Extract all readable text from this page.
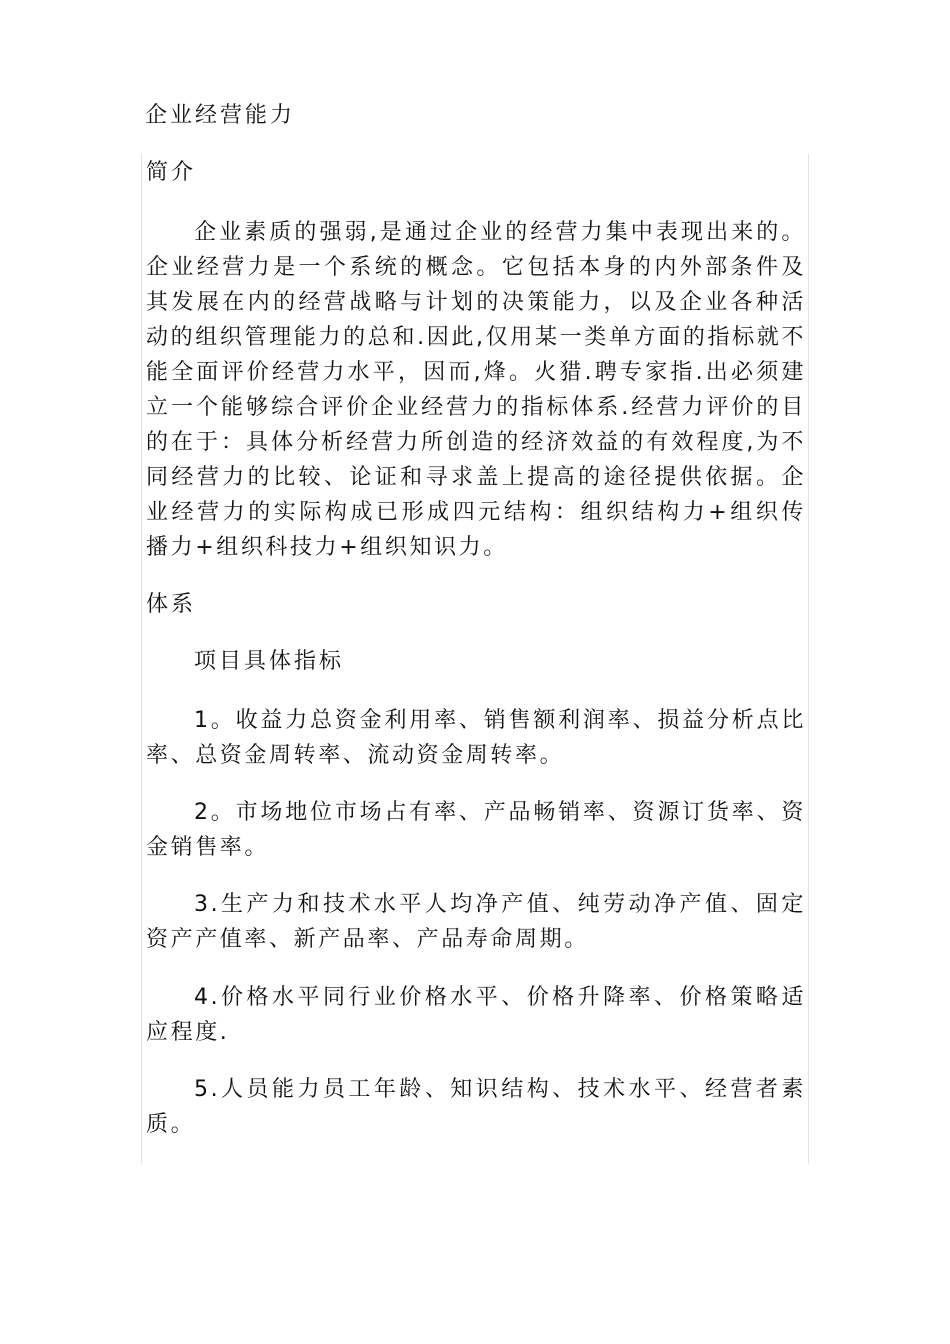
企业经营能力
简介

企业素质的强弱,是通过企业的经营力集中表现出来的。企业经营力是一个系统的概念。它包括本身的内外部条件及其发展在内的经营战略与计划的决策能力，以及企业各种活动的组织管理能力的总和.因此,仅用某一类单方面的指标就不能全面评价经营力水平，因而,烽。火猎.聘专家指.出必须建立一个能够综合评价企业经营力的指标体系.经营力评价的目的在于：具体分析经营力所创造的经济效益的有效程度,为不同经营力的比较、论证和寻求盖上提高的途径提供依据。企业经营力的实际构成已形成四元结构：组织结构力+组织传播力+组织科技力+组织知识力。

体系
项目具体指标

1。收益力总资金利用率、销售额利润率、损益分析点比率、总资金周转率、流动资金周转率。

2。市场地位市场占有率、产品畅销率、资源订货率、资金销售率。

3.生产力和技术水平人均净产值、纯劳动净产值、固定资产产值率、新产品率、产品寿命周期。

4.价格水平同行业价格水平、价格升降率、价格策略适应程度.

5.人员能力员工年龄、知识结构、技术水平、经营者素质。
